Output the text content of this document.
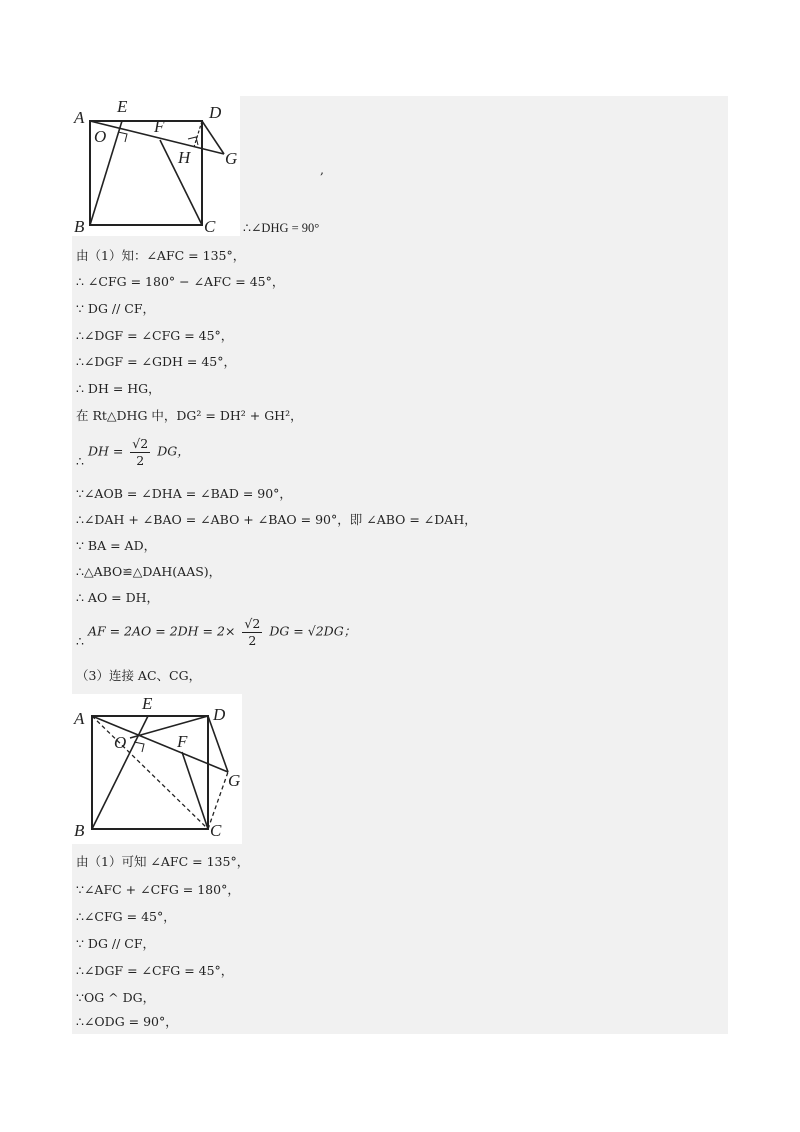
A
E	D
O
F
H G
B	C ∴∠DHG = 90°
,
由（1）知：∠AFC = 135°，
∴ ∠CFG = 180° − ∠AFC = 45°，
∵ DG // CF，
∴∠DGF = ∠CFG = 45°，
∴∠DGF = ∠GDH = 45°，
∴ DH = HG，
在 Rt△DHG 中，DG² = DH² + GH²，
∴ DH = $\frac{√2}{2}$ DG，
∵∠AOB = ∠DHA = ∠BAD = 90°，
∴∠DAH + ∠BAO = ∠ABO + ∠BAO = 90°，即 ∠ABO = ∠DAH，
∵ BA = AD，
∴△ABO≌△DAH(AAS)，
∴ AO = DH，
∴ AF = $2AO = 2DH = 2\times \frac{√2}{2}$ DG = √2DG；
（3）连接 AC、CG，
A
E
D
O	F
G
B	C
由（1）可知 ∠AFC = 135°，
∵∠AFC + ∠CFG = 180°，
∴∠CFG = 45°，
∵ DG // CF，
∴∠DGF = ∠CFG = 45°，
∵OG ^ DG，
∴∠ODG = 90°，
